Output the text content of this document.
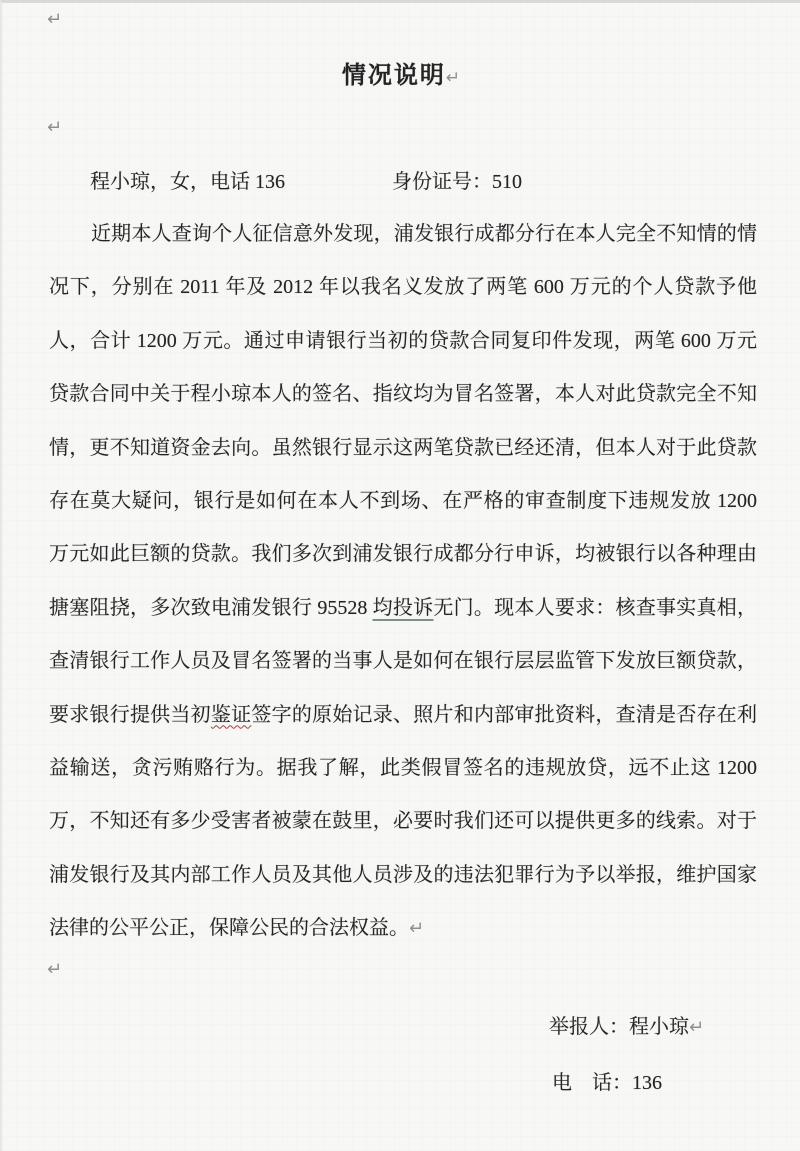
↵
情况说明↵
↵
程小琼，女，电话 136	身份证号：510
近期本人查询个人征信意外发现，浦发银行成都分行在本人完全不知情的情
况下，分别在 2011 年及 2012 年以我名义发放了两笔 600 万元的个人贷款予他
人，合计 1200 万元。通过申请银行当初的贷款合同复印件发现，两笔 600 万元
贷款合同中关于程小琼本人的签名、指纹均为冒名签署，本人对此贷款完全不知
情，更不知道资金去向。虽然银行显示这两笔贷款已经还清，但本人对于此贷款
存在莫大疑问，银行是如何在本人不到场、在严格的审查制度下违规发放 1200
万元如此巨额的贷款。我们多次到浦发银行成都分行申诉，均被银行以各种理由
搪塞阻挠，多次致电浦发银行 95528 均投诉无门。现本人要求：核查事实真相，
查清银行工作人员及冒名签署的当事人是如何在银行层层监管下发放巨额贷款，
要求银行提供当初鉴证签字的原始记录、照片和内部审批资料，查清是否存在利
益输送，贪污贿赂行为。据我了解，此类假冒签名的违规放贷，远不止这 1200
万，不知还有多少受害者被蒙在鼓里，必要时我们还可以提供更多的线索。对于
浦发银行及其内部工作人员及其他人员涉及的违法犯罪行为予以举报，维护国家
法律的公平公正，保障公民的合法权益。↵
↵
举报人：程小琼↵
电　话：136
